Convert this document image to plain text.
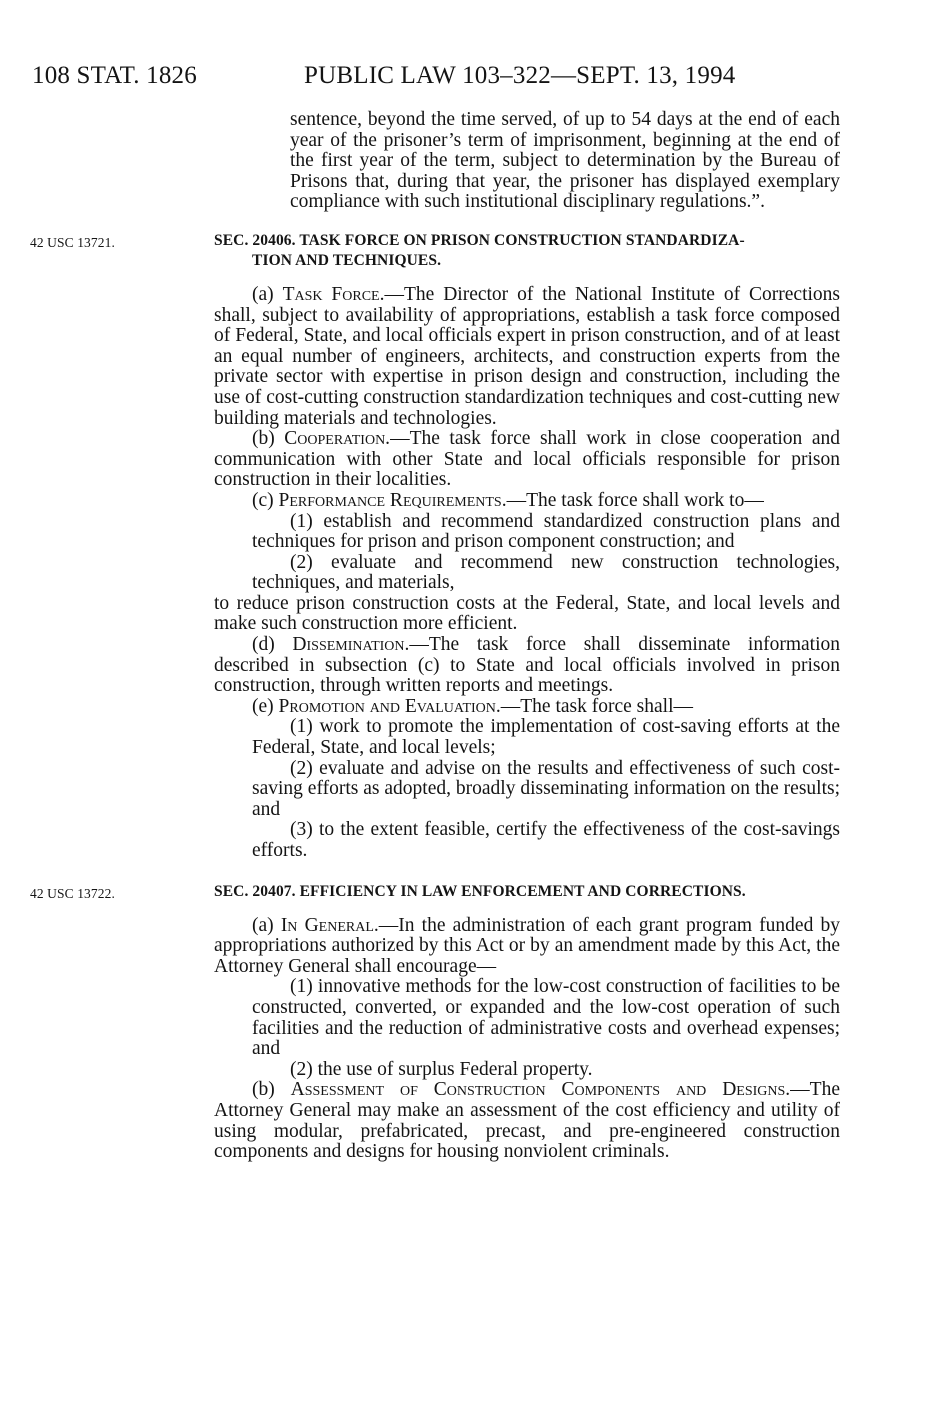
108 STAT. 1826	PUBLIC LAW 103–322—SEPT. 13, 1994

sentence, beyond the time served, of up to 54 days at the end of each year of the prisoner’s term of imprisonment, beginning at the end of the first year of the term, subject to determination by the Bureau of Prisons that, during that year, the prisoner has displayed exemplary compliance with such institutional disciplinary regulations.”.

42 USC 13721.	SEC. 20406. TASK FORCE ON PRISON CONSTRUCTION STANDARDIZA-
TION AND TECHNIQUES.

(a) Task Force.—The Director of the National Institute of Corrections shall, subject to availability of appropriations, establish a task force composed of Federal, State, and local officials expert in prison construction, and of at least an equal number of engineers, architects, and construction experts from the private sector with expertise in prison design and construction, including the use of cost-cutting construction standardization techniques and cost-cutting new building materials and technologies.

(b) Cooperation.—The task force shall work in close cooperation and communication with other State and local officials responsible for prison construction in their localities.

(c) Performance Requirements.—The task force shall work to—

(1) establish and recommend standardized construction plans and techniques for prison and prison component construction; and

(2) evaluate and recommend new construction technologies, techniques, and materials,

to reduce prison construction costs at the Federal, State, and local levels and make such construction more efficient.

(d) Dissemination.—The task force shall disseminate information described in subsection (c) to State and local officials involved in prison construction, through written reports and meetings.

(e) Promotion and Evaluation.—The task force shall—

(1) work to promote the implementation of cost-saving efforts at the Federal, State, and local levels;

(2) evaluate and advise on the results and effectiveness of such cost-saving efforts as adopted, broadly disseminating information on the results; and

(3) to the extent feasible, certify the effectiveness of the cost-savings efforts.

42 USC 13722.	SEC. 20407. EFFICIENCY IN LAW ENFORCEMENT AND CORRECTIONS.

(a) In General.—In the administration of each grant program funded by appropriations authorized by this Act or by an amendment made by this Act, the Attorney General shall encourage—

(1) innovative methods for the low-cost construction of facilities to be constructed, converted, or expanded and the low-cost operation of such facilities and the reduction of administrative costs and overhead expenses; and

(2) the use of surplus Federal property.

(b) Assessment of Construction Components and Designs.—The Attorney General may make an assessment of the cost efficiency and utility of using modular, prefabricated, precast, and pre-engineered construction components and designs for housing nonviolent criminals.
